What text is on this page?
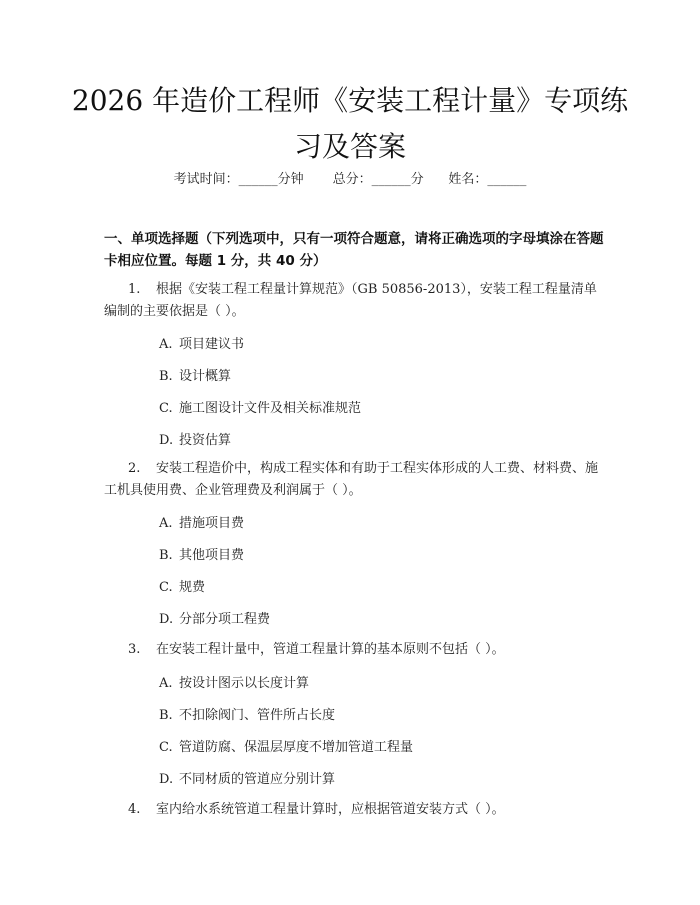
2026 年造价工程师《安装工程计量》专项练习及答案
考试时间：______分钟 总分：______分 姓名：______
一、单项选择题（下列选项中，只有一项符合题意，请将正确选项的字母填涂在答题卡相应位置。每题 1 分，共 40 分）
1. 根据《安装工程工程量计算规范》（GB 50856-2013），安装工程工程量清单编制的主要依据是（ ）。
A. 项目建议书
B. 设计概算
C. 施工图设计文件及相关标准规范
D. 投资估算
2. 安装工程造价中，构成工程实体和有助于工程实体形成的人工费、材料费、施工机具使用费、企业管理费及利润属于（ ）。
A. 措施项目费
B. 其他项目费
C. 规费
D. 分部分项工程费
3. 在安装工程计量中，管道工程量计算的基本原则不包括（ ）。
A. 按设计图示以长度计算
B. 不扣除阀门、管件所占长度
C. 管道防腐、保温层厚度不增加管道工程量
D. 不同材质的管道应分别计算
4. 室内给水系统管道工程量计算时，应根据管道安装方式（ ）。
